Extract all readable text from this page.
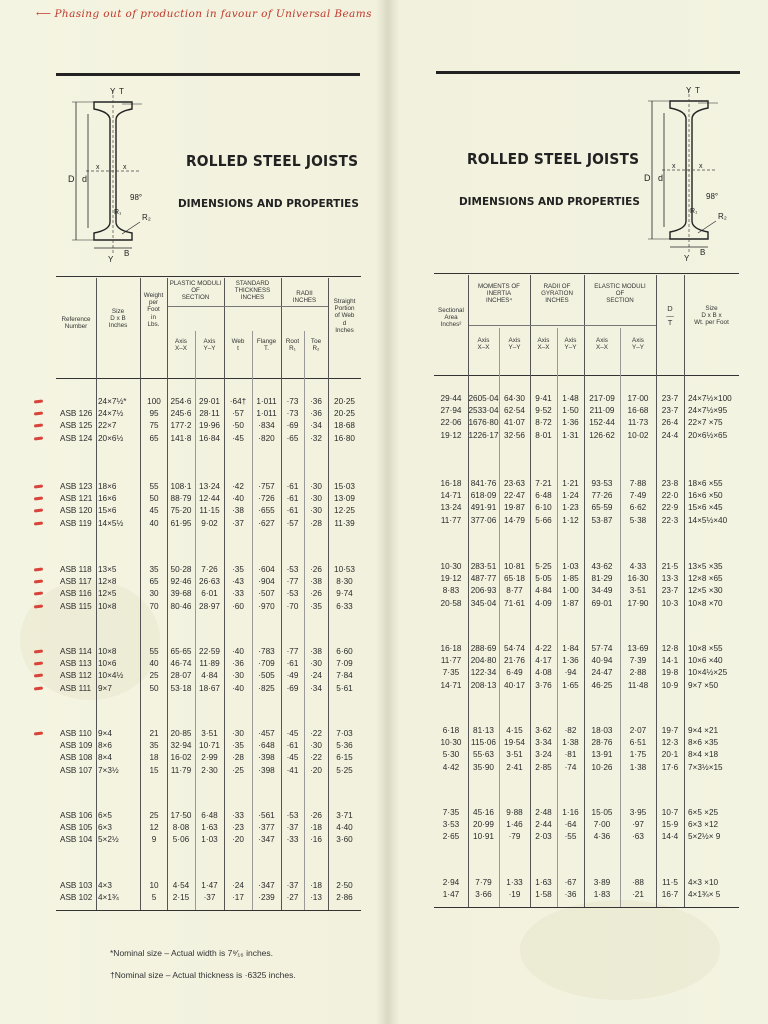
⟵ Phasing out of production in favour of Universal Beams
Y T
x	x
D d
98°
R₁
R₂
Y
B
ROLLED STEEL JOISTS
DIMENSIONS AND PROPERTIES
Reference
Number
Size
D x B
Inches
Weight
per
Foot
in
Lbs.
PLASTIC MODULI
OF
SECTION
STANDARD
THICKNESS
INCHES
RADII
INCHES	Straight
Portion
of Web
d
Inches
Axis
X–X
Axis
Y–Y
Web
t
Flange
T.
Root
R₁
Toe
R₂
24×7½*	100	254·6 29·01	·64†	1·011	·73	·36	20·25
ASB 126 24×7½	95	245·6 28·11	·57	1·011	·73	·36	20·25
ASB 125 22×7	75	177·2 19·96	·50	·834	·69	·34	18·68
ASB 124 20×6½	65	141·8 16·84	·45	·820	·65	·32	16·80
ASB 123 18×6	55	108·1 13·24	·42	·757	·61	·30	15·03
ASB 121 16×6	50	88·79 12·44	·40	·726	·61	·30	13·09
ASB 120 15×6	45	75·20 11·15	·38	·655	·61	·30	12·25
ASB 119 14×5½	40	61·95	9·02	·37	·627	·57	·28	11·39
ASB 118 13×5	35	50·28	7·26	·35	·604	·53	·26	10·53
ASB 117 12×8	65	92·46 26·63	·43	·904	·77	·38	8·30
ASB 116 12×5	30	39·68	6·01	·33	·507	·53	·26	9·74
ASB 115 10×8	70	80·46 28·97	·60	·970	·70	·35	6·33
ASB 114 10×8	55	65·65 22·59	·40	·783	·77	·38	6·60
ASB 113 10×6	40	46·74 11·89	·36	·709	·61	·30	7·09
ASB 112 10×4½	25	28·07	4·84	·30	·505	·49	·24	7·84
ASB 111 9×7	50	53·18 18·67	·40	·825	·69	·34	5·61
ASB 110 9×4	21	20·85	3·51	·30	·457	·45	·22	7·03
ASB 109 8×6	35	32·94 10·71	·35	·648	·61	·30	5·36
ASB 108 8×4	18	16·02	2·99	·28	·398	·45	·22	6·15
ASB 107 7×3½	15	11·79	2·30	·25	·398	·41	·20	5·25
ASB 106 6×5	25	17·50	6·48	·33	·561	·53	·26	3·71
ASB 105 6×3	12	8·08	1·63	·23	·377	·37	·18	4·40
ASB 104 5×2½	9	5·06	1·03	·20	·347	·33	·16	3·60
ASB 103 4×3	10	4·54	1·47	·24	·347	·37	·18	2·50
ASB 102 4×1¾	5	2·15	·37	·17	·239	·27	·13	2·86
*Nominal size – Actual width is 7⁹⁄₁₆ inches.
†Nominal size – Actual thickness is ·6325 inches.
Y T
x	x
D d
98°
R₁
R₂
Y
B
ROLLED STEEL JOISTS
DIMENSIONS AND PROPERTIES
Sectional
Area
Inches²
MOMENTS OF
INERTIA
INCHES⁴
RADII OF
GYRATION
INCHES
ELASTIC MODULI
OF
SECTION
D
—
T
Size
D x B x
Wt. per Foot
Axis
X–X
Axis
Y–Y
Axis
X–X
Axis
Y–Y
Axis
X–X
Axis
Y–Y
29·44 2605·04 64·30	9·41	1·48	217·09	17·00	23·7	24×7½×100
27·94 2533·04 62·54	9·52	1·50	211·09	16·68	23·7	24×7½×95
22·06 1676·80 41·07	8·72	1·36	152·44	11·73	26·4	22×7 ×75
19·12 1226·17 32·56	8·01	1·31	126·62	10·02	24·4	20×6½×65
16·18	841·76 23·63	7·21	1·21	93·53	7·88	23·8	18×6 ×55
14·71	618·09 22·47	6·48	1·24	77·26	7·49	22·0	16×6 ×50
13·24	491·91 19·87	6·10	1·23	65·59	6·62	22·9	15×6 ×45
11·77	377·06 14·79	5·66	1·12	53·87	5·38	22·3	14×5½×40
10·30	283·51 10·81	5·25	1·03	43·62	4·33	21·5	13×5 ×35
19·12	487·77 65·18	5·05	1·85	81·29	16·30	13·3	12×8 ×65
8·83	206·93	8·77	4·84	1·00	34·49	3·51	23·7	12×5 ×30
20·58	345·04 71·61	4·09	1·87	69·01	17·90	10·3	10×8 ×70
16·18	288·69 54·74	4·22	1·84	57·74	13·69	12·8	10×8 ×55
11·77	204·80 21·76	4·17	1·36	40·94	7·39	14·1	10×6 ×40
7·35	122·34	6·49	4·08	·94	24·47	2·88	19·8	10×4½×25
14·71	208·13 40·17	3·76	1·65	46·25	11·48	10·9	9×7 ×50
6·18	81·13	4·15	3·62	·82	18·03	2·07	19·7	9×4 ×21
10·30	115·06 19·54	3·34	1·38	28·76	6·51	12·3	8×6 ×35
5·30	55·63	3·51	3·24	·81	13·91	1·75	20·1	8×4 ×18
4·42	35·90	2·41	2·85	·74	10·26	1·38	17·6	7×3½×15
7·35	45·16	9·88	2·48	1·16	15·05	3·95	10·7	6×5 ×25
3·53	20·99	1·46	2·44	·64	7·00	·97	15·9	6×3 ×12
2·65	10·91	·79	2·03	·55	4·36	·63	14·4	5×2½× 9
2·94	7·79	1·33	1·63	·67	3·89	·88	11·5	4×3 ×10
1·47	3·66	·19	1·58	·36	1·83	·21	16·7	4×1¾× 5
